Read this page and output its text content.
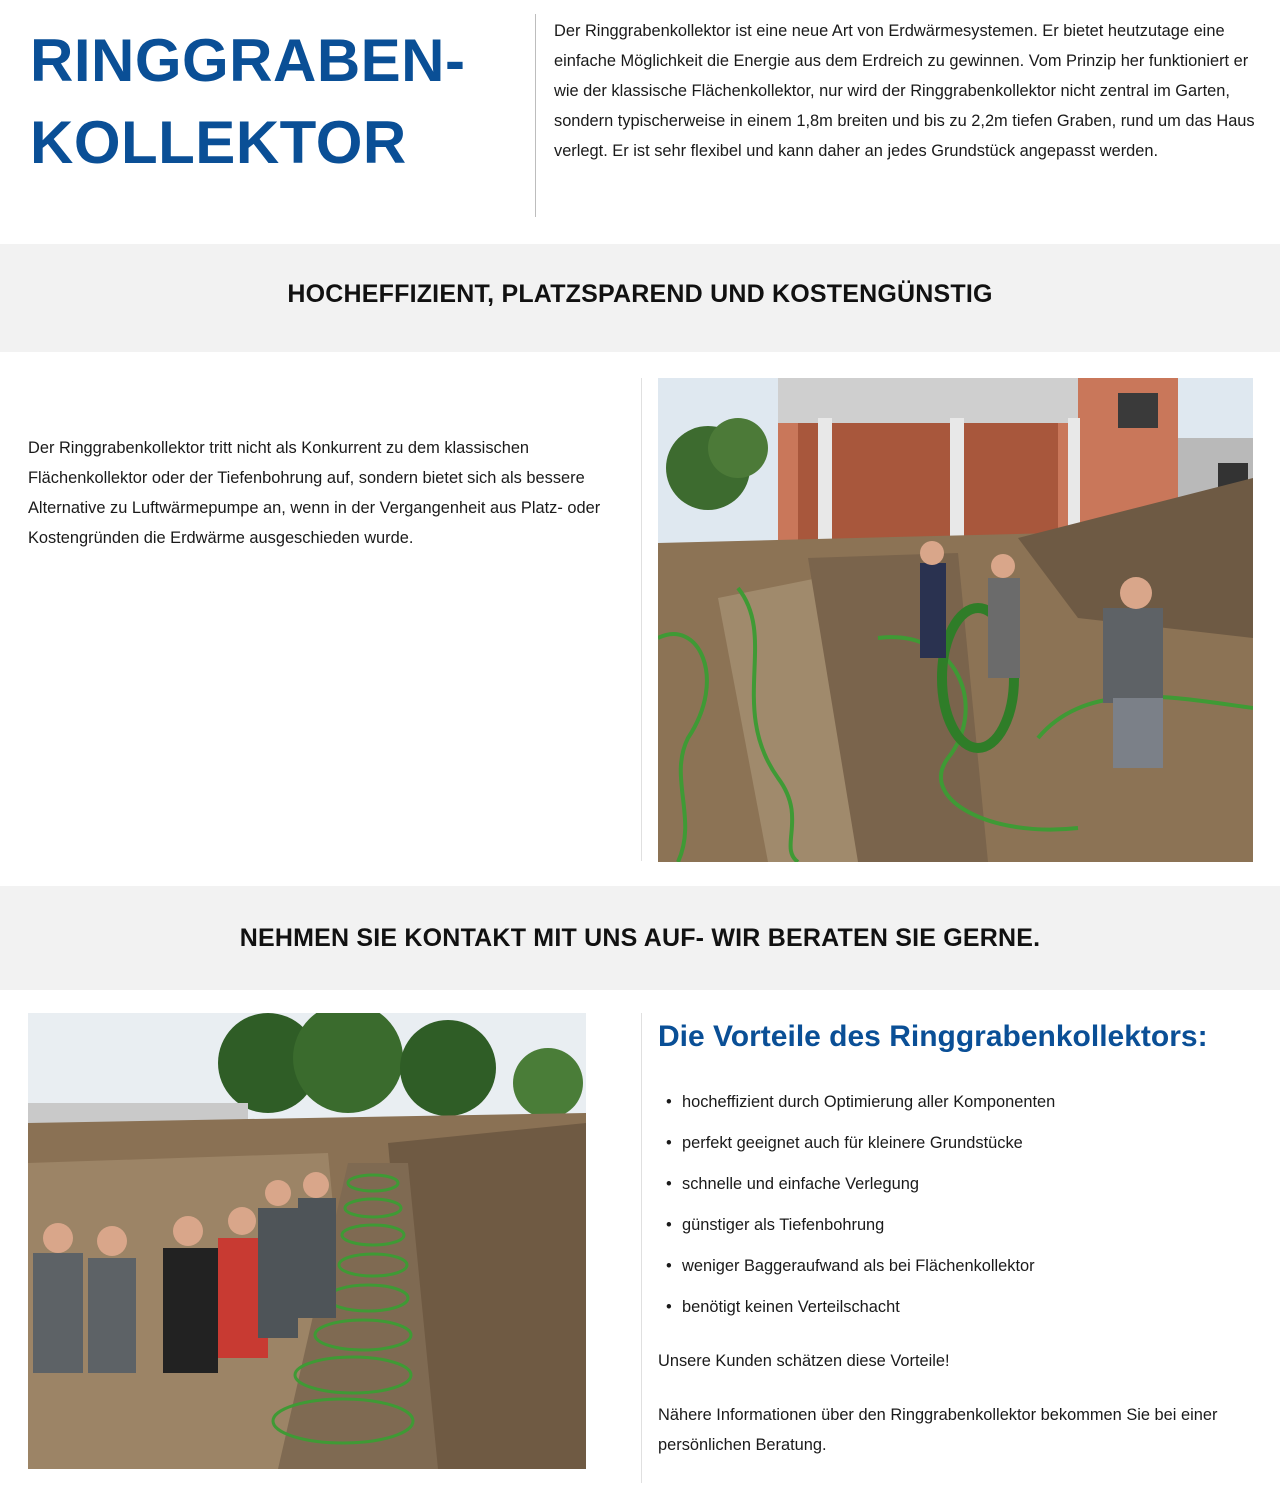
RINGGRABEN-
KOLLEKTOR

Der Ringgrabenkollektor ist eine neue Art von Erdwärmesystemen. Er bietet heutzutage eine einfache Möglichkeit die Energie aus dem Erdreich zu gewinnen. Vom Prinzip her funktioniert er wie der klassische Flächenkollektor, nur wird der Ringgrabenkollektor nicht zentral im Garten, sondern typischerweise in einem 1,8m breiten und bis zu 2,2m tiefen Graben, rund um das Haus verlegt. Er ist sehr flexibel und kann daher an jedes Grundstück angepasst werden.

HOCHEFFIZIENT, PLATZSPAREND UND KOSTENGÜNSTIG

Der Ringgrabenkollektor tritt nicht als Konkurrent zu dem klassischen Flächenkollektor oder der Tiefenbohrung auf, sondern bietet sich als bessere Alternative zu Luftwärmepumpe an, wenn in der Vergangenheit aus Platz- oder Kostengründen die Erdwärme ausgeschieden wurde.

NEHMEN SIE KONTAKT MIT UNS AUF- WIR BERATEN SIE GERNE.
Die Vorteile des Ringgrabenkollektors:
• hocheffizient durch Optimierung aller Komponenten
• perfekt geeignet auch für kleinere Grundstücke
• schnelle und einfache Verlegung
• günstiger als Tiefenbohrung
• weniger Baggeraufwand als bei Flächenkollektor
• benötigt keinen Verteilschacht

Unsere Kunden schätzen diese Vorteile!

Nähere Informationen über den Ringgrabenkollektor bekommen Sie bei einer persönlichen Beratung.
